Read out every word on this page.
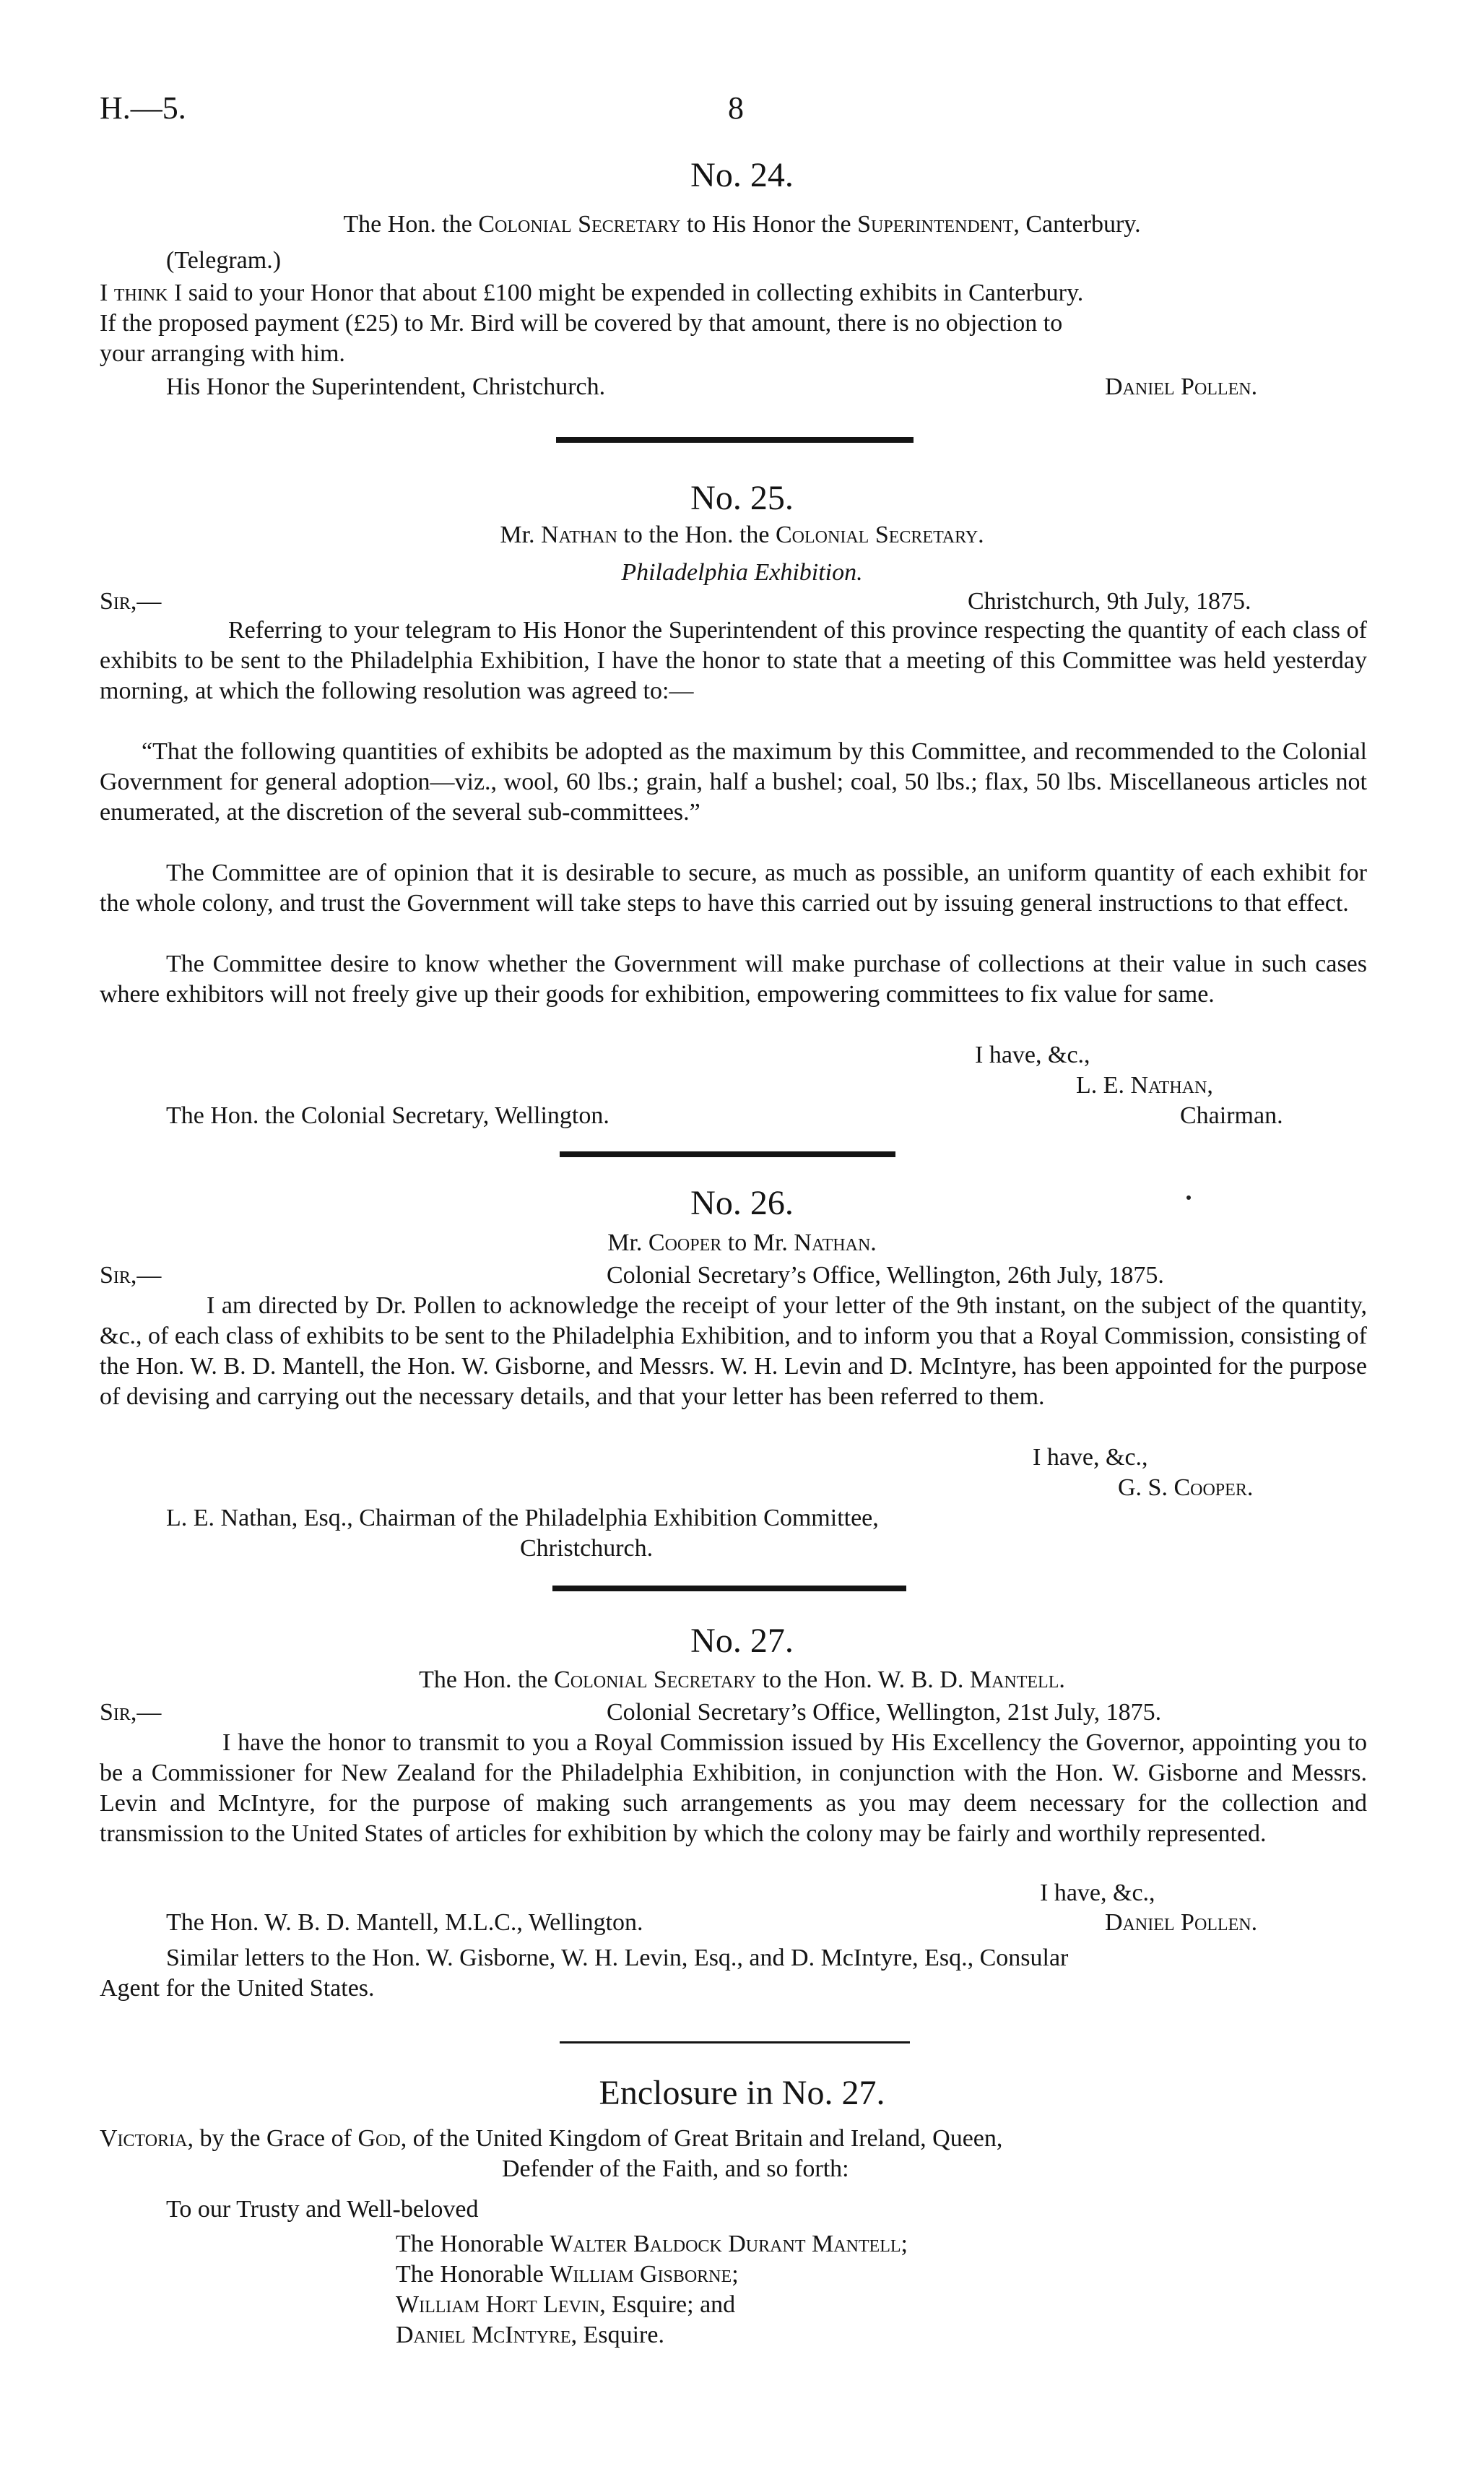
H.—5.	8
No. 24.
The Hon. the Colonial Secretary to His Honor the Superintendent, Canterbury.
(Telegram.)
I think I said to your Honor that about £100 might be expended in collecting exhibits in Canterbury.
If the proposed payment (£25) to Mr. Bird will be covered by that amount, there is no objection to
your arranging with him.
His Honor the Superintendent, Christchurch.	Daniel Pollen.
No. 25.
Mr. Nathan to the Hon. the Colonial Secretary.
Philadelphia Exhibition.
Sir,—	Christchurch, 9th July, 1875.
Referring to your telegram to His Honor the Superintendent of this province respecting the quantity of each class of exhibits to be sent to the Philadelphia Exhibition, I have the honor to state that a meeting of this Committee was held yesterday morning, at which the following resolution was agreed to:—
“That the following quantities of exhibits be adopted as the maximum by this Committee, and recommended to the Colonial Government for general adoption—viz., wool, 60 lbs.; grain, half a bushel; coal, 50 lbs.; flax, 50 lbs. Miscellaneous articles not enumerated, at the discretion of the several sub-committees.”
The Committee are of opinion that it is desirable to secure, as much as possible, an uniform quantity of each exhibit for the whole colony, and trust the Government will take steps to have this carried out by issuing general instructions to that effect.
The Committee desire to know whether the Government will make purchase of collections at their value in such cases where exhibitors will not freely give up their goods for exhibition, empowering committees to fix value for same.
I have, &c.,
L. E. Nathan,
The Hon. the Colonial Secretary, Wellington.	Chairman.
No. 26.
Mr. Cooper to Mr. Nathan.
Sir,—	Colonial Secretary’s Office, Wellington, 26th July, 1875.
I am directed by Dr. Pollen to acknowledge the receipt of your letter of the 9th instant, on the subject of the quantity, &c., of each class of exhibits to be sent to the Philadelphia Exhibition, and to inform you that a Royal Commission, consisting of the Hon. W. B. D. Mantell, the Hon. W. Gisborne, and Messrs. W. H. Levin and D. McIntyre, has been appointed for the purpose of devising and carrying out the necessary details, and that your letter has been referred to them.
I have, &c.,
G. S. Cooper.
L. E. Nathan, Esq., Chairman of the Philadelphia Exhibition Committee,
Christchurch.
No. 27.
The Hon. the Colonial Secretary to the Hon. W. B. D. Mantell.
Sir,—	Colonial Secretary’s Office, Wellington, 21st July, 1875.
I have the honor to transmit to you a Royal Commission issued by His Excellency the Governor, appointing you to be a Commissioner for New Zealand for the Philadelphia Exhibition, in conjunction with the Hon. W. Gisborne and Messrs. Levin and McIntyre, for the purpose of making such arrangements as you may deem necessary for the collection and transmission to the United States of articles for exhibition by which the colony may be fairly and worthily represented.
I have, &c.,
The Hon. W. B. D. Mantell, M.L.C., Wellington.	Daniel Pollen.
Similar letters to the Hon. W. Gisborne, W. H. Levin, Esq., and D. McIntyre, Esq., Consular
Agent for the United States.
Enclosure in No. 27.
Victoria, by the Grace of God, of the United Kingdom of Great Britain and Ireland, Queen,
Defender of the Faith, and so forth:
To our Trusty and Well-beloved
The Honorable Walter Baldock Durant Mantell;
The Honorable William Gisborne;
William Hort Levin, Esquire; and
Daniel McIntyre, Esquire.
